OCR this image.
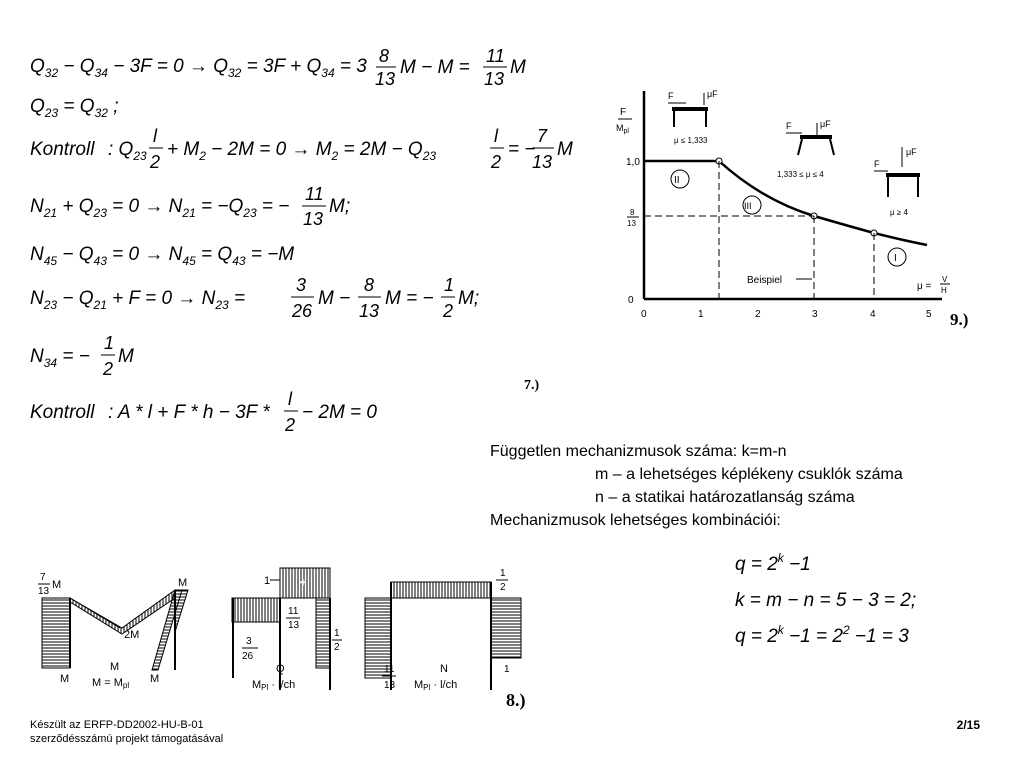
$Q_{32} - Q_{34} - 3F = 0 \to Q_{32} = 3F + Q_{34} = 3$ 8
13
M − M =
11
13
M
$Q_{23} = Q_{32}$ ;
Kontroll : $Q_{23}$
l
2
+ $M_2 - 2M = 0 \to M_2 = 2M - Q_{23}$
l
2
= −
7
13
M
$N_{21} + Q_{23} = 0 \to N_{21} = -Q_{23}$ = −
11
13
M;
$N_{45} - Q_{43} = 0 \to N_{45} = Q_{43} = -M$
$N_{23} - Q_{21} + F = 0 \to N_{23}$ =
3
26
M −
8
13
M = −
1
2
M;
$N_{34}$ = −
1
2
M
Kontroll : A * l + F * h − 3F *
l
2
− 2M = 0
7.)
F
$M_{pl}$
1,0
8
13
0
II
III
I
Beispiel
μ =
V
H
0	1	2	3	4	5
F	μF
μ ≤ 1,333
F	μF
1,333 ≤ μ ≤ 4
F
μF
μ ≥ 4
9.)
Független mechanizmusok száma: k=m-n
m – a lehetséges képlékeny csuklók száma
n – a statikai határozatlanság száma
Mechanizmusok lehetséges kombinációi:
$q = 2^k -1$
k = m − n = 5 − 3 = 2;
$q = 2^k -1 = 2^2 -1 = 3$
7
13
M
2M
M
M	M
M
M = Mpl
1	+
11
13
3
26
1
2
Q
MPl · l/ch
1
2
11
13
1
N
MPl · l/ch
8.)
Készült az ERFP-DD2002-HU-B-01
szerződésszámú projekt támogatásával
2/15
